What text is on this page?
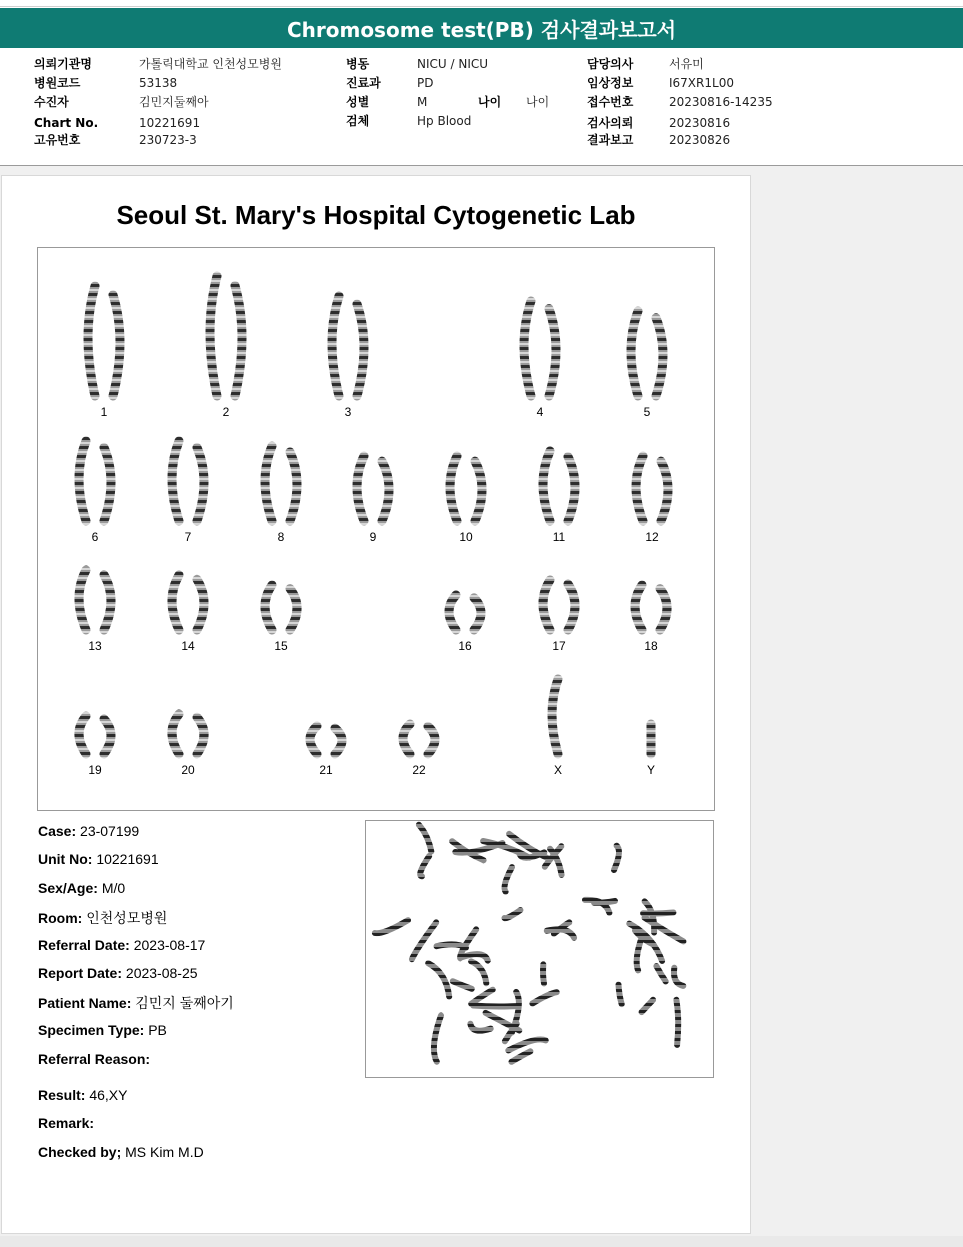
Chromosome test(PB) 검사결과보고서
의뢰기관명	가톨릭대학교 인천성모병원
병원코드	53138
수진자	김민지둘째아
Chart No.	10221691
고유번호	230723-3
병동	NICU / NICU
진료과	PD
성별	M	나이 나이
검체	Hp Blood
담당의사	서유미
임상정보	I67XR1L00
접수번호	20230816-14235
검사의뢰	20230816
결과보고	20230826
Seoul St. Mary's Hospital Cytogenetic Lab
1	2	3	4	5
6	7	8	9	10	11	12
13	14	15	16	17	18
19	20	21	22	X	Y
Case: 23-07199
Unit No: 10221691
Sex/Age: M/0
Room: 인천성모병원
Referral Date: 2023-08-17
Report Date: 2023-08-25
Patient Name: 김민지 둘째아기
Specimen Type: PB
Referral Reason:
Result: 46,XY
Remark:
Checked by; MS Kim M.D
